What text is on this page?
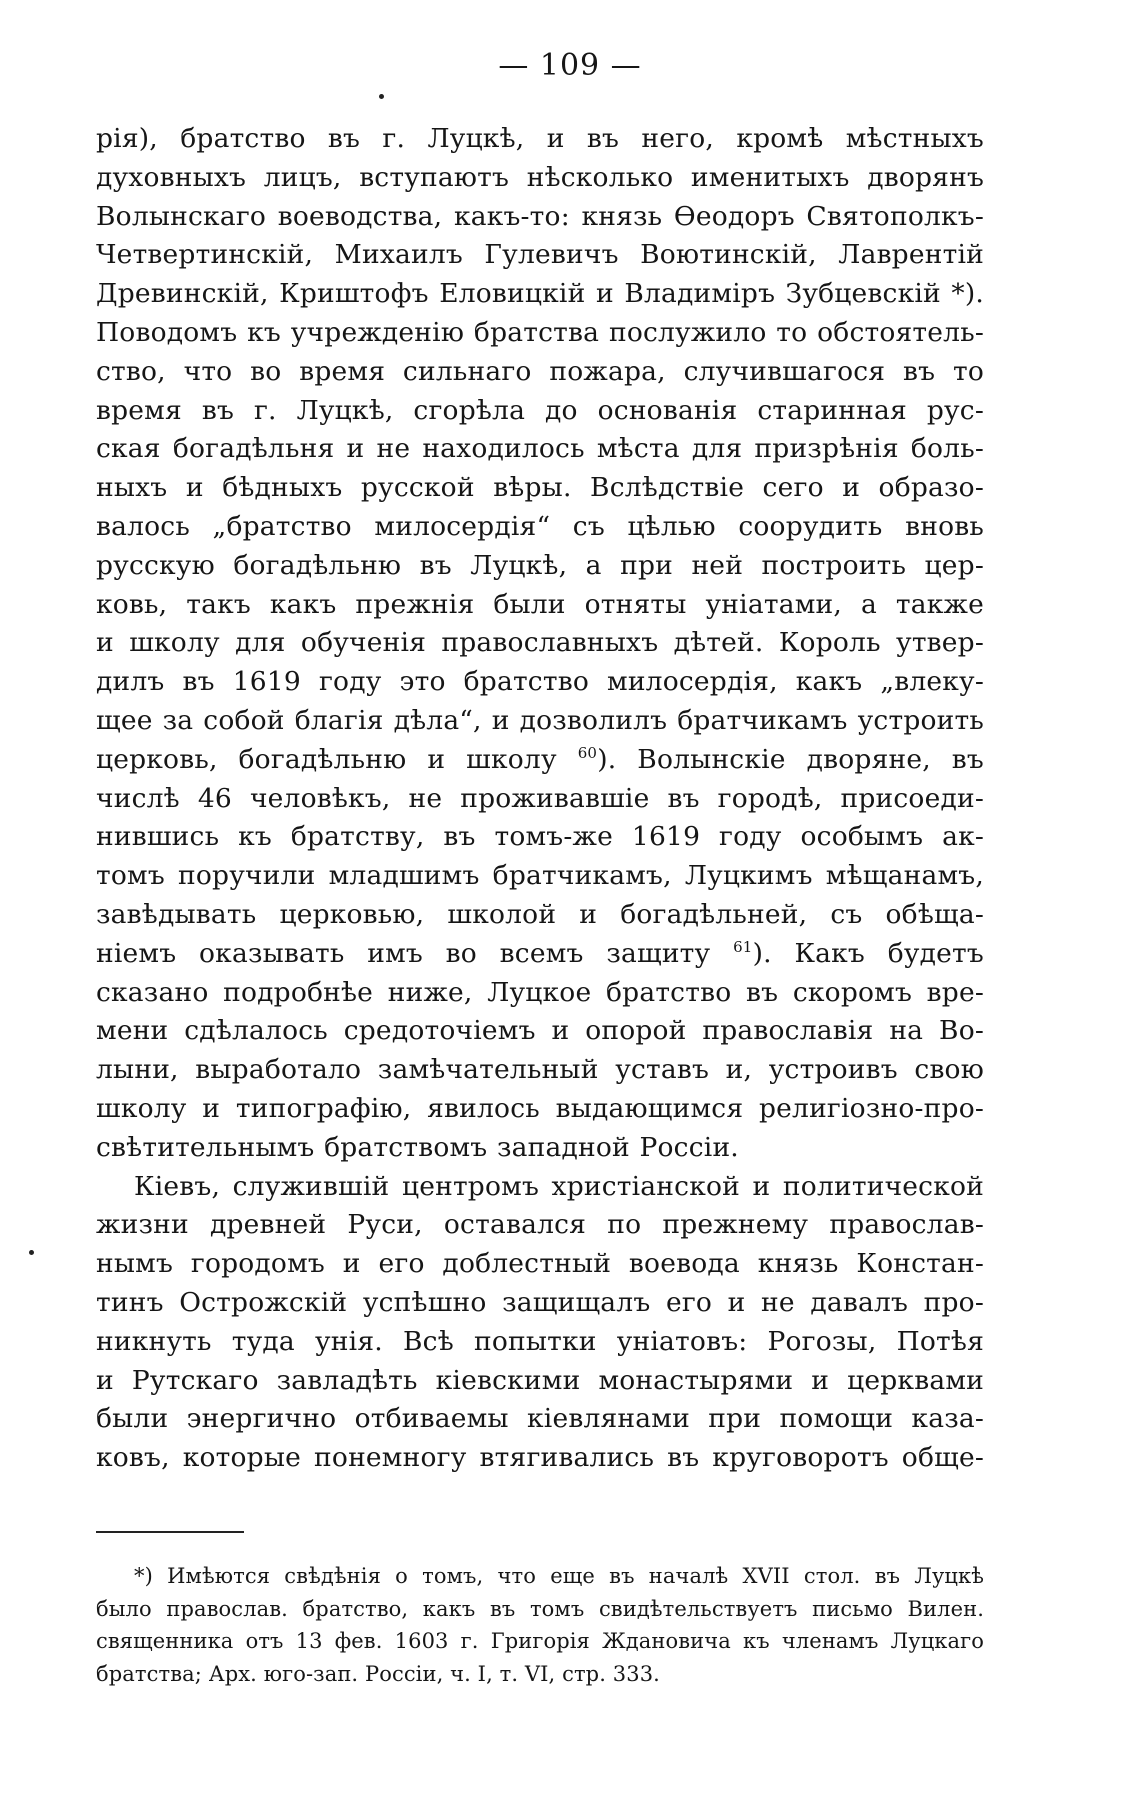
— 109 —
рія), братство въ г. Луцкѣ, и въ него, кромѣ мѣстныхъ
духовныхъ лицъ, вступаютъ нѣсколько именитыхъ дворянъ
Волынскаго воеводства, какъ-то: князь Ѳеодоръ Святополкъ-
Четвертинскій, Михаилъ Гулевичъ Воютинскій, Лаврентій
Древинскій, Криштофъ Еловицкій и Владиміръ Зубцевскій *).
Поводомъ къ учрежденію братства послужило то обстоятель-
ство, что во время сильнаго пожара, случившагося въ то
время въ г. Луцкѣ, сгорѣла до основанія старинная рус-
ская богадѣльня и не находилось мѣста для призрѣнія боль-
ныхъ и бѣдныхъ русской вѣры. Вслѣдствіе сего и образо-
валось „братство милосердія“ съ цѣлью соорудить вновь
русскую богадѣльню въ Луцкѣ, а при ней построить цер-
ковь, такъ какъ прежнія были отняты уніатами, а также
и школу для обученія православныхъ дѣтей. Король утвер-
дилъ въ 1619 году это братство милосердія, какъ „влеку-
щее за собой благія дѣла“, и дозволилъ братчикамъ устроить
церковь, богадѣльню и школу $^{60}$). Волынскіе дворяне, въ
числѣ 46 человѣкъ, не проживавшіе въ городѣ, присоеди-
нившись къ братству, въ томъ-же 1619 году особымъ ак-
томъ поручили младшимъ братчикамъ, Луцкимъ мѣщанамъ,
завѣдывать церковью, школой и богадѣльней, съ обѣща-
ніемъ оказывать имъ во всемъ защиту $^{61}$). Какъ будетъ
сказано подробнѣе ниже, Луцкое братство въ скоромъ вре-
мени сдѣлалось средоточіемъ и опорой православія на Во-
лыни, выработало замѣчательный уставъ и, устроивъ свою
школу и типографію, явилось выдающимся религіозно-про-
свѣтительнымъ братствомъ западной Россіи.
Кіевъ, служившій центромъ христіанской и политической
жизни древней Руси, оставался по прежнему православ-
нымъ городомъ и его доблестный воевода князь Констан-
тинъ Острожскій успѣшно защищалъ его и не давалъ про-
никнуть туда унія. Всѣ попытки уніатовъ: Рогозы, Потѣя
и Рутскаго завладѣть кіевскими монастырями и церквами
были энергично отбиваемы кіевлянами при помощи каза-
ковъ, которые понемногу втягивались въ круговоротъ обще-
*) Имѣются свѣдѣнія о томъ, что еще въ началѣ XVII стол. въ Луцкѣ
было православ. братство, какъ въ томъ свидѣтельствуетъ письмо Вилен.
священника отъ 13 фев. 1603 г. Григорія Ждановича къ членамъ Луцкаго
братства; Арх. юго-зап. Россіи, ч. I, т. VI, стр. 333.
